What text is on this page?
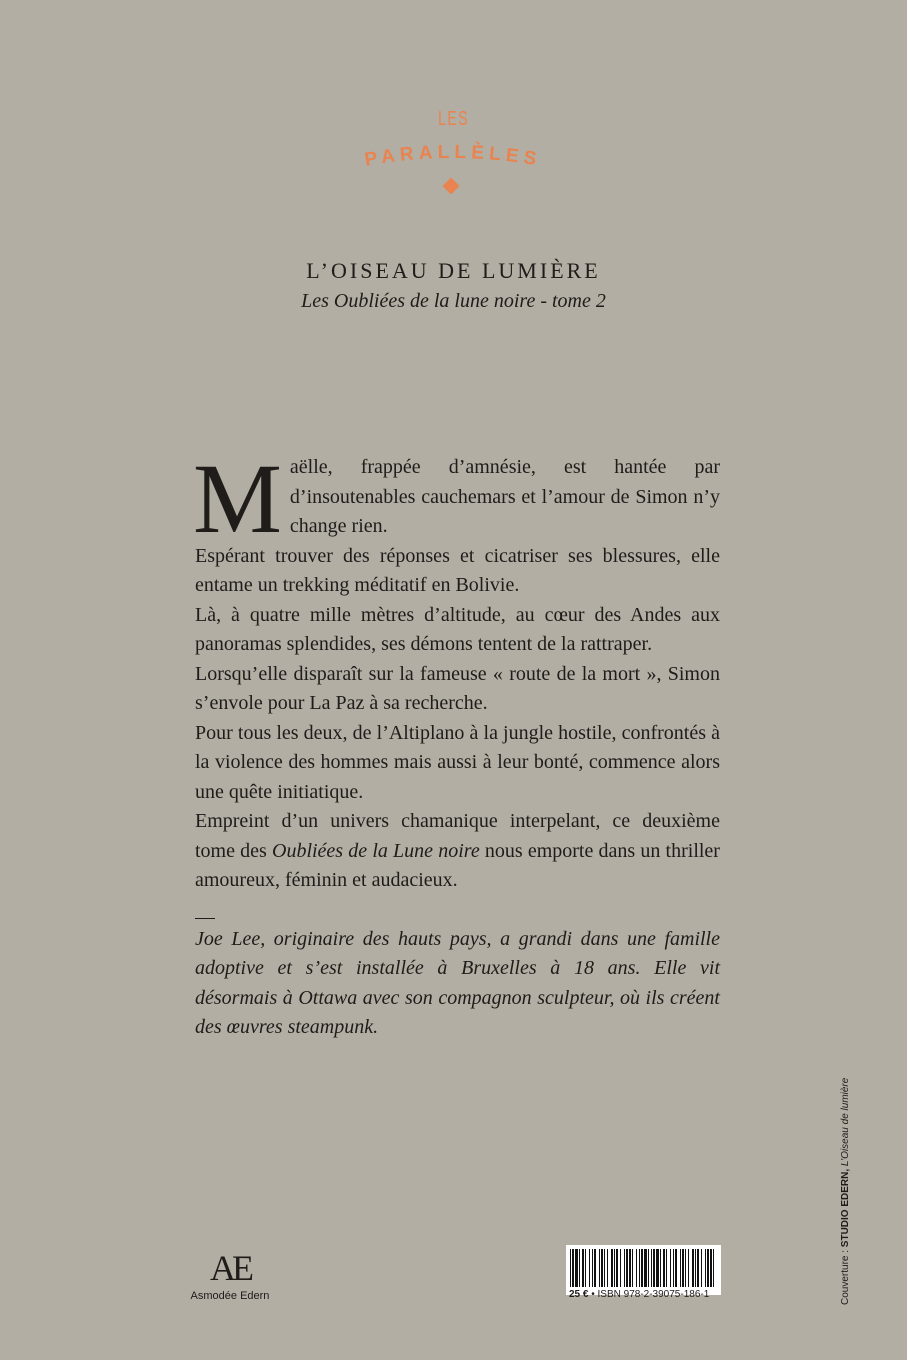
LES
PARALLÈLES
L’OISEAU DE LUMIÈRE
Les Oubliées de la lune noire - tome 2

Maëlle, frappée d’amnésie, est hantée par d’insoutenables cauchemars et l’amour de Simon n’y change rien.

Espérant trouver des réponses et cicatriser ses blessures, elle entame un trekking méditatif en Bolivie.

Là, à quatre mille mètres d’altitude, au cœur des Andes aux panoramas splendides, ses démons tentent de la rattraper.

Lorsqu’elle disparaît sur la fameuse « route de la mort », Simon s’envole pour La Paz à sa recherche.

Pour tous les deux, de l’Altiplano à la jungle hostile, confrontés à la violence des hommes mais aussi à leur bonté, commence alors une quête initiatique.

Empreint d’un univers chamanique interpelant, ce deuxième tome des Oubliées de la Lune noire nous emporte dans un thriller amoureux, féminin et audacieux.

Joe Lee, originaire des hauts pays, a grandi dans une famille adoptive et s’est installée à Bruxelles à 18 ans. Elle vit désormais à Ottawa avec son compagnon sculpteur, où ils créent des œuvres steampunk.

Couverture : STUDIO EDERN, L’Oiseau de lumière
AE
Asmodée Edern	25 € • ISBN 978-2-39075-186-1
